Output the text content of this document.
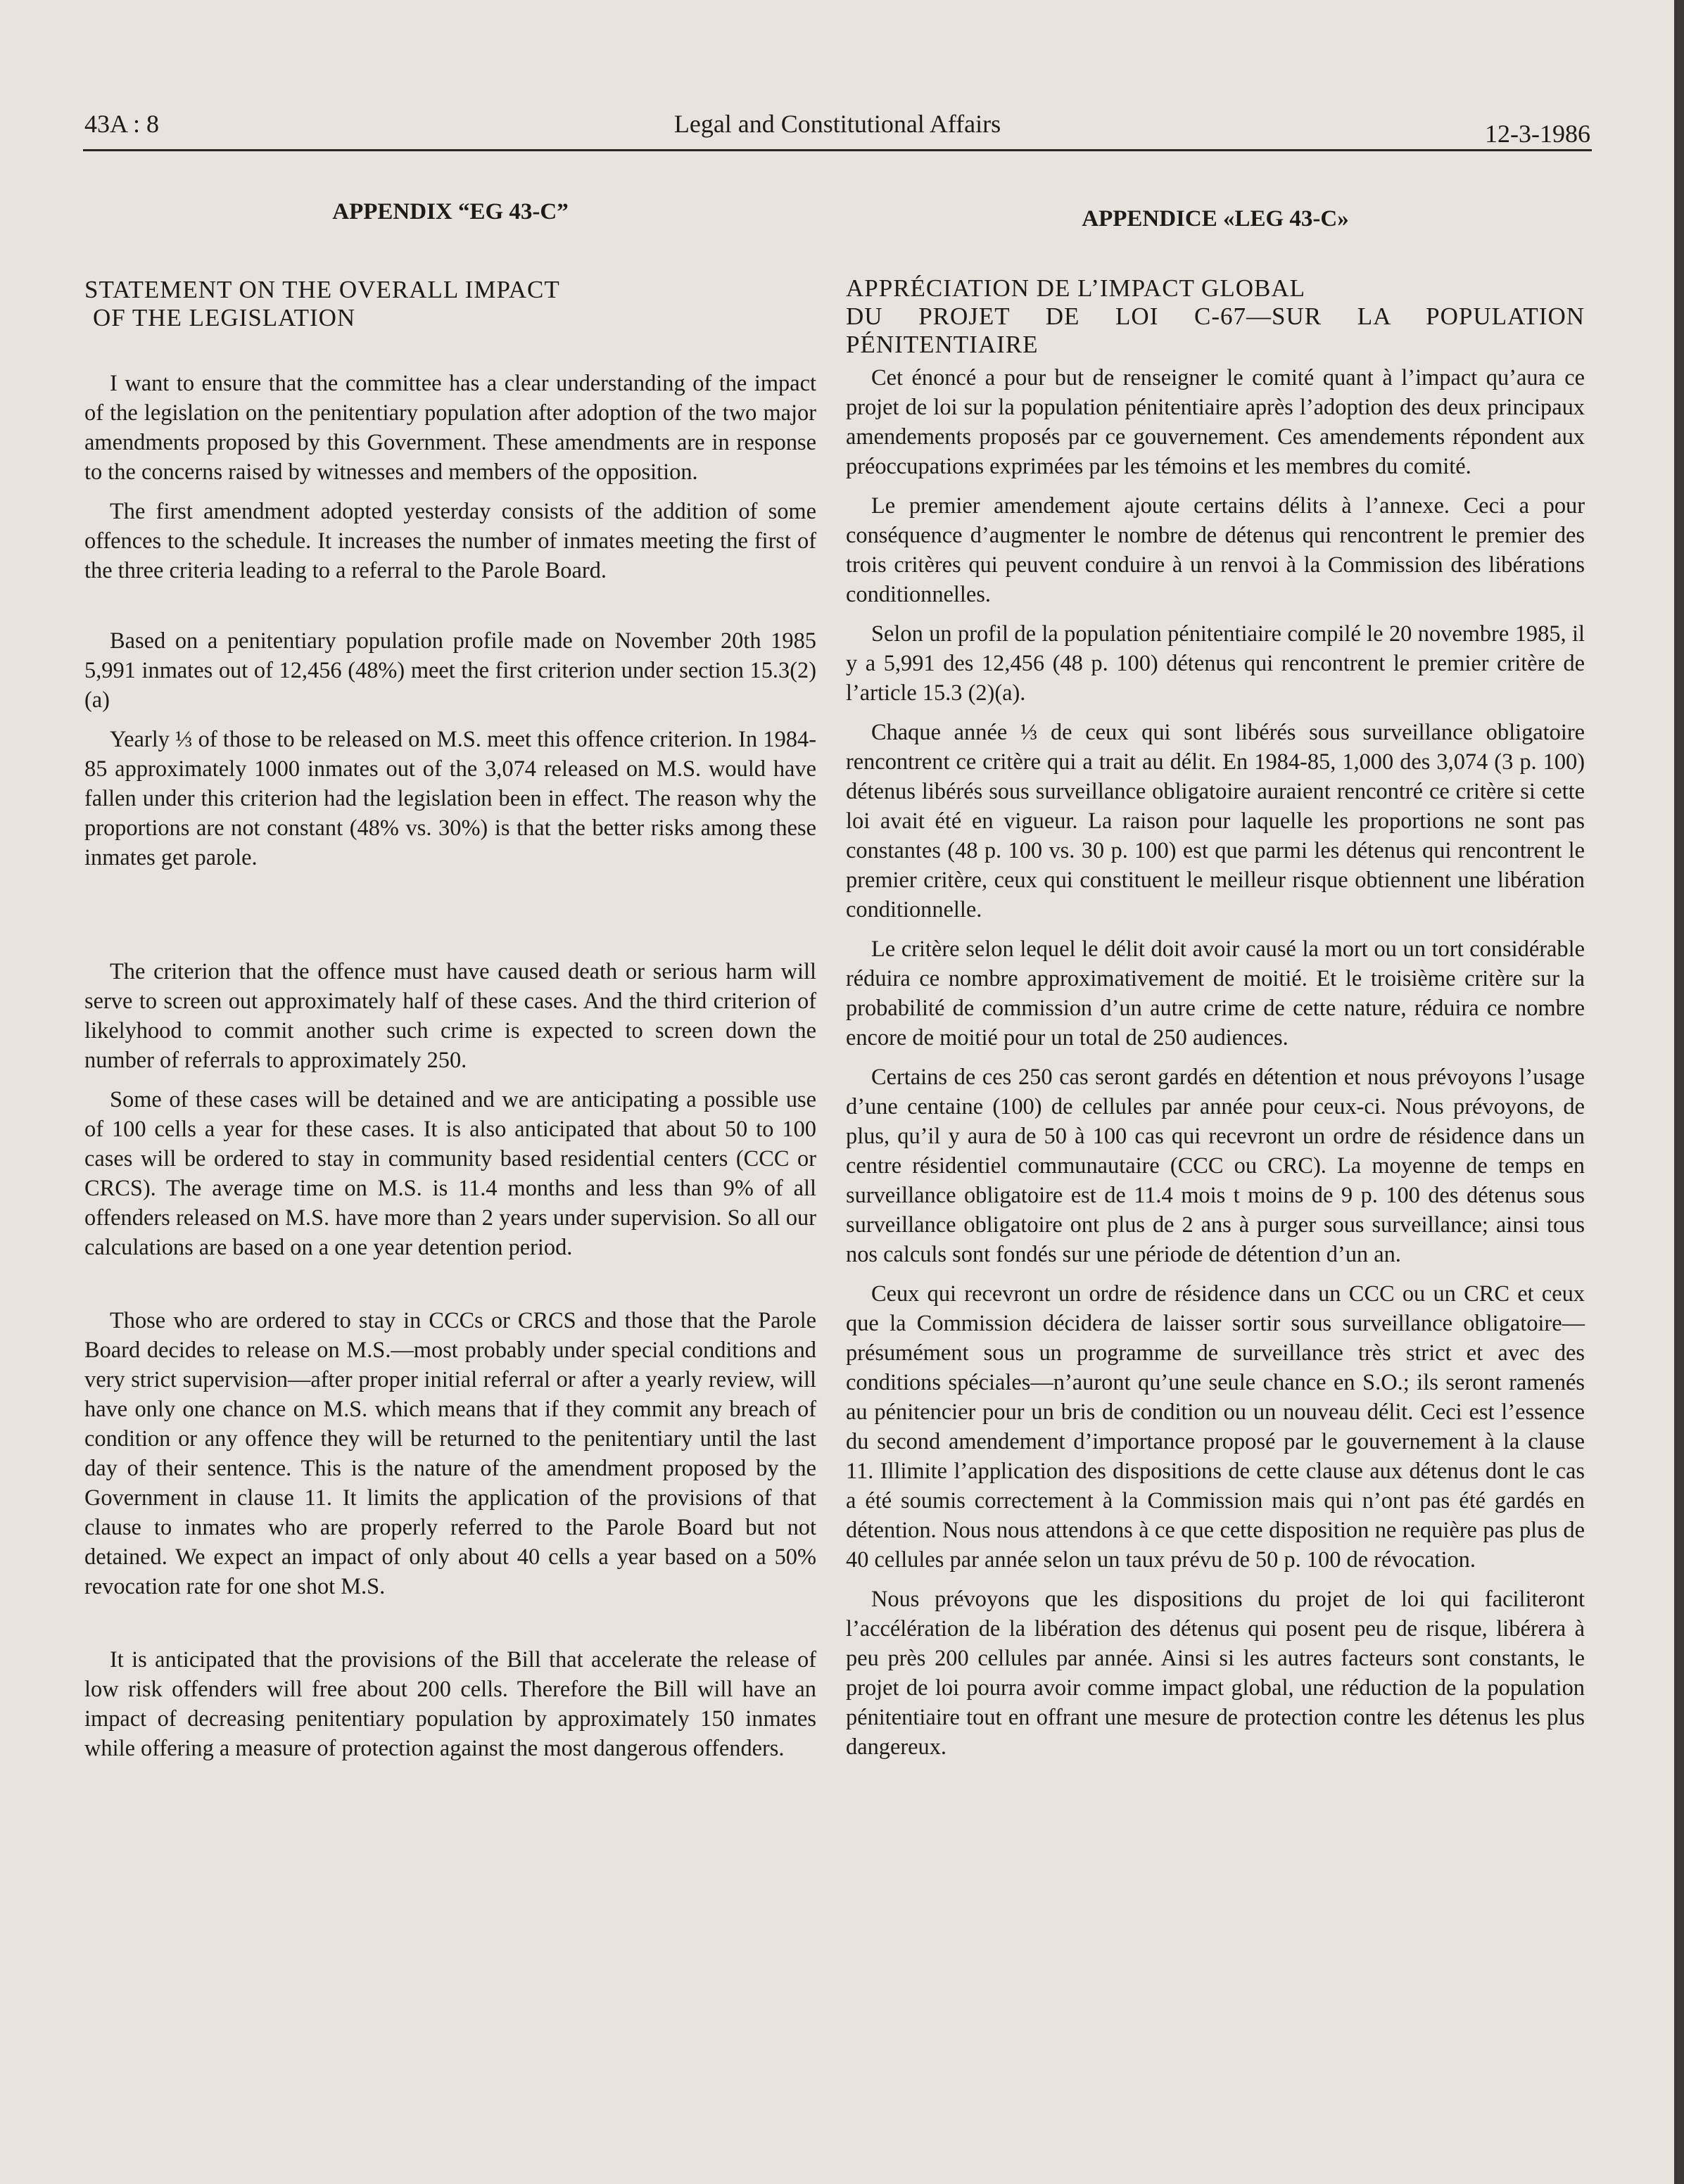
43A : 8	Legal and Constitutional Affairs	12-3-1986
APPENDIX “EG 43-C”
STATEMENT ON THE OVERALL IMPACT
OF THE LEGISLATION

I want to ensure that the committee has a clear understanding of the impact of the legislation on the penitentiary population after adoption of the two major amendments proposed by this Government. These amendments are in response to the concerns raised by witnesses and members of the opposition.

The first amendment adopted yesterday consists of the addition of some offences to the schedule. It increases the number of inmates meeting the first of the three criteria leading to a referral to the Parole Board.

Based on a penitentiary population profile made on November 20th 1985 5,991 inmates out of 12,456 (48%) meet the first criterion under section 15.3(2)(a)

Yearly ⅓ of those to be released on M.S. meet this offence criterion. In 1984-85 approximately 1000 inmates out of the 3,074 released on M.S. would have fallen under this criterion had the legislation been in effect. The reason why the proportions are not constant (48% vs. 30%) is that the better risks among these inmates get parole.

The criterion that the offence must have caused death or serious harm will serve to screen out approximately half of these cases. And the third criterion of likelyhood to commit another such crime is expected to screen down the number of referrals to approximately 250.

Some of these cases will be detained and we are anticipating a possible use of 100 cells a year for these cases. It is also anticipated that about 50 to 100 cases will be ordered to stay in community based residential centers (CCC or CRCS). The average time on M.S. is 11.4 months and less than 9% of all offenders released on M.S. have more than 2 years under supervision. So all our calculations are based on a one year detention period.

Those who are ordered to stay in CCCs or CRCS and those that the Parole Board decides to release on M.S.—most probably under special conditions and very strict supervision—after proper initial referral or after a yearly review, will have only one chance on M.S. which means that if they commit any breach of condition or any offence they will be returned to the penitentiary until the last day of their sentence. This is the nature of the amendment proposed by the Government in clause 11. It limits the application of the provisions of that clause to inmates who are properly referred to the Parole Board but not detained. We expect an impact of only about 40 cells a year based on a 50% revocation rate for one shot M.S.

It is anticipated that the provisions of the Bill that accelerate the release of low risk offenders will free about 200 cells. Therefore the Bill will have an impact of decreasing penitentiary population by approximately 150 inmates while offering a measure of protection against the most dangerous offenders.

APPENDICE «LEG 43-C»
APPRÉCIATION DE L’IMPACT GLOBAL
DU PROJET DE LOI C-67—SUR LA POPULATION
PÉNITENTIAIRE

Cet énoncé a pour but de renseigner le comité quant à l’impact qu’aura ce projet de loi sur la population pénitentiaire après l’adoption des deux principaux amendements proposés par ce gouvernement. Ces amendements répondent aux préoccupations exprimées par les témoins et les membres du comité.

Le premier amendement ajoute certains délits à l’annexe. Ceci a pour conséquence d’augmenter le nombre de détenus qui rencontrent le premier des trois critères qui peuvent conduire à un renvoi à la Commission des libérations conditionnelles.

Selon un profil de la population pénitentiaire compilé le 20 novembre 1985, il y a 5,991 des 12,456 (48 p. 100) détenus qui rencontrent le premier critère de l’article 15.3 (2)(a).

Chaque année ⅓ de ceux qui sont libérés sous surveillance obligatoire rencontrent ce critère qui a trait au délit. En 1984-85, 1,000 des 3,074 (3 p. 100) détenus libérés sous surveillance obligatoire auraient rencontré ce critère si cette loi avait été en vigueur. La raison pour laquelle les proportions ne sont pas constantes (48 p. 100 vs. 30 p. 100) est que parmi les détenus qui rencontrent le premier critère, ceux qui constituent le meilleur risque obtiennent une libération conditionnelle.

Le critère selon lequel le délit doit avoir causé la mort ou un tort considérable réduira ce nombre approximativement de moitié. Et le troisième critère sur la probabilité de commission d’un autre crime de cette nature, réduira ce nombre encore de moitié pour un total de 250 audiences.

Certains de ces 250 cas seront gardés en détention et nous prévoyons l’usage d’une centaine (100) de cellules par année pour ceux-ci. Nous prévoyons, de plus, qu’il y aura de 50 à 100 cas qui recevront un ordre de résidence dans un centre résidentiel communautaire (CCC ou CRC). La moyenne de temps en surveillance obligatoire est de 11.4 mois t moins de 9 p. 100 des détenus sous surveillance obligatoire ont plus de 2 ans à purger sous surveillance; ainsi tous nos calculs sont fondés sur une période de détention d’un an.

Ceux qui recevront un ordre de résidence dans un CCC ou un CRC et ceux que la Commission décidera de laisser sortir sous surveillance obligatoire—présumément sous un programme de surveillance très strict et avec des conditions spéciales—n’auront qu’une seule chance en S.O.; ils seront ramenés au pénitencier pour un bris de condition ou un nouveau délit. Ceci est l’essence du second amendement d’importance proposé par le gouvernement à la clause 11. Illimite l’application des dispositions de cette clause aux détenus dont le cas a été soumis correctement à la Commission mais qui n’ont pas été gardés en détention. Nous nous attendons à ce que cette disposition ne requière pas plus de 40 cellules par année selon un taux prévu de 50 p. 100 de révocation.

Nous prévoyons que les dispositions du projet de loi qui faciliteront l’accélération de la libération des détenus qui posent peu de risque, libérera à peu près 200 cellules par année. Ainsi si les autres facteurs sont constants, le projet de loi pourra avoir comme impact global, une réduction de la population pénitentiaire tout en offrant une mesure de protection contre les détenus les plus dangereux.
